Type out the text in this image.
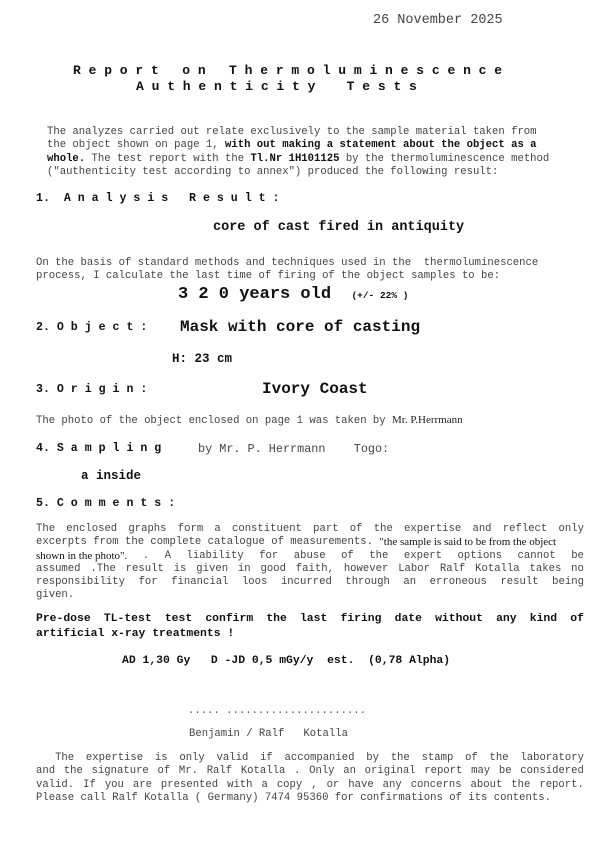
26 November 2025
R e p o r t   o n   T h e r m o l u m i n e s c e n c e
A u t h e n t i c i t y    T e s t s
The analyzes carried out relate exclusively to the sample material taken from
the object shown on page 1, with out making a statement about the object as a
whole. The test report with the Tl.Nr 1H101125 by the thermoluminescence method
("authenticity test according to annex") produced the following result:
1.  A n a l y s i s   R e s u l t :
core of cast fired in antiquity
On the basis of standard methods and techniques used in the  thermoluminescence
process, I calculate the last time of firing of the object samples to be:
3 2 0 years old (+/- 22% )
2. O b j e c t : Mask with core of casting
H: 23 cm
3. O r i g i n :	Ivory Coast
The photo of the object enclosed on page 1 was taken by Mr. P.Herrmann
4. S a m p l i n g	by Mr. P. Herrmann    Togo:
a inside
5. C o m m e n t s :
The enclosed graphs form a constituent part of the expertise and reflect only
excerpts from the complete catalogue of measurements. "the sample is said to be from the object
shown in the photo". . A liability for abuse of the expert options cannot be
assumed .The result is given in good faith, however Labor Ralf Kotalla takes no
responsibility for financial loos incurred through an erroneous result being
given.
Pre-dose TL-test test confirm the last firing date without any kind of
artificial x-ray treatments !
AD 1,30 Gy   D -JD 0,5 mGy/y  est.  (0,78 Alpha)
..... ......................
Benjamin / Ralf   Kotalla
The expertise is only valid if accompanied by the stamp of the laboratory
and the signature of Mr. Ralf Kotalla . Only an original report may be considered
valid. If you are presented with a copy , or have any concerns about the report.
Please call Ralf Kotalla ( Germany) 7474 95360 for confirmations of its contents.
